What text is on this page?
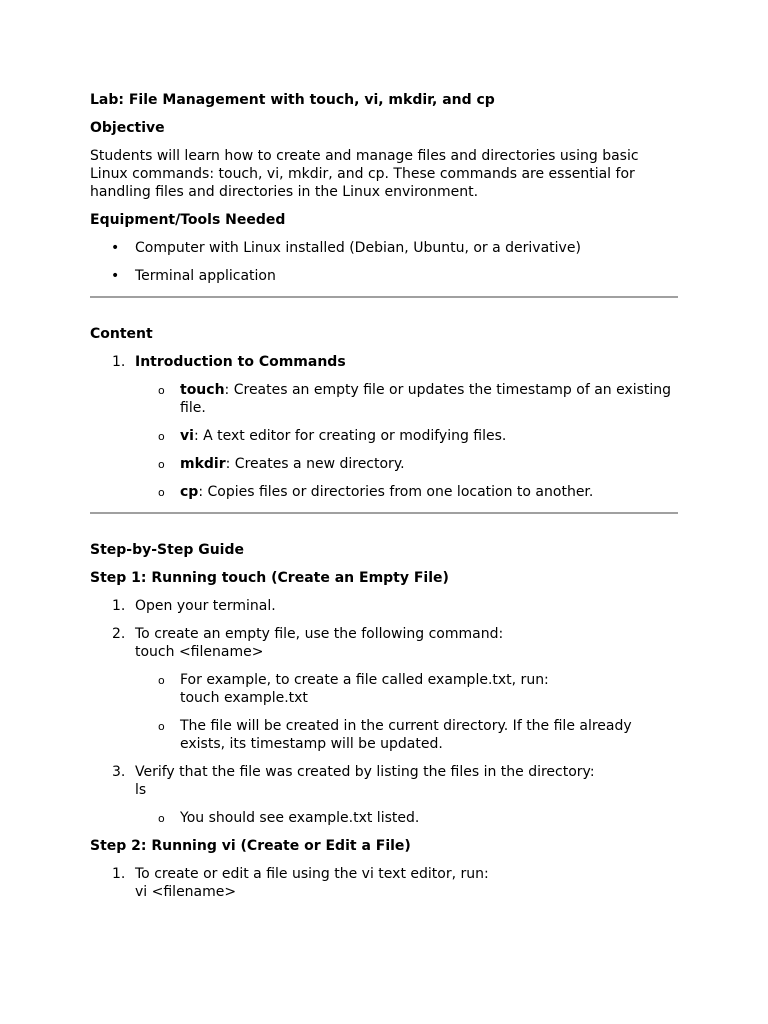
Lab: File Management with touch, vi, mkdir, and cp
Objective
Students will learn how to create and manage files and directories using basic Linux commands: touch, vi, mkdir, and cp. These commands are essential for handling files and directories in the Linux environment.
Equipment/Tools Needed
• Computer with Linux installed (Debian, Ubuntu, or a derivative)
• Terminal application
Content
1. Introduction to Commands
o touch: Creates an empty file or updates the timestamp of an existing file.
o vi: A text editor for creating or modifying files.
o mkdir: Creates a new directory.
o cp: Copies files or directories from one location to another.
Step-by-Step Guide
Step 1: Running touch (Create an Empty File)
1. Open your terminal.
2. To create an empty file, use the following command:
touch <filename>
o For example, to create a file called example.txt, run:
touch example.txt
o The file will be created in the current directory. If the file already exists, its timestamp will be updated.
3. Verify that the file was created by listing the files in the directory:
ls
o You should see example.txt listed.
Step 2: Running vi (Create or Edit a File)
1. To create or edit a file using the vi text editor, run:
vi <filename>
